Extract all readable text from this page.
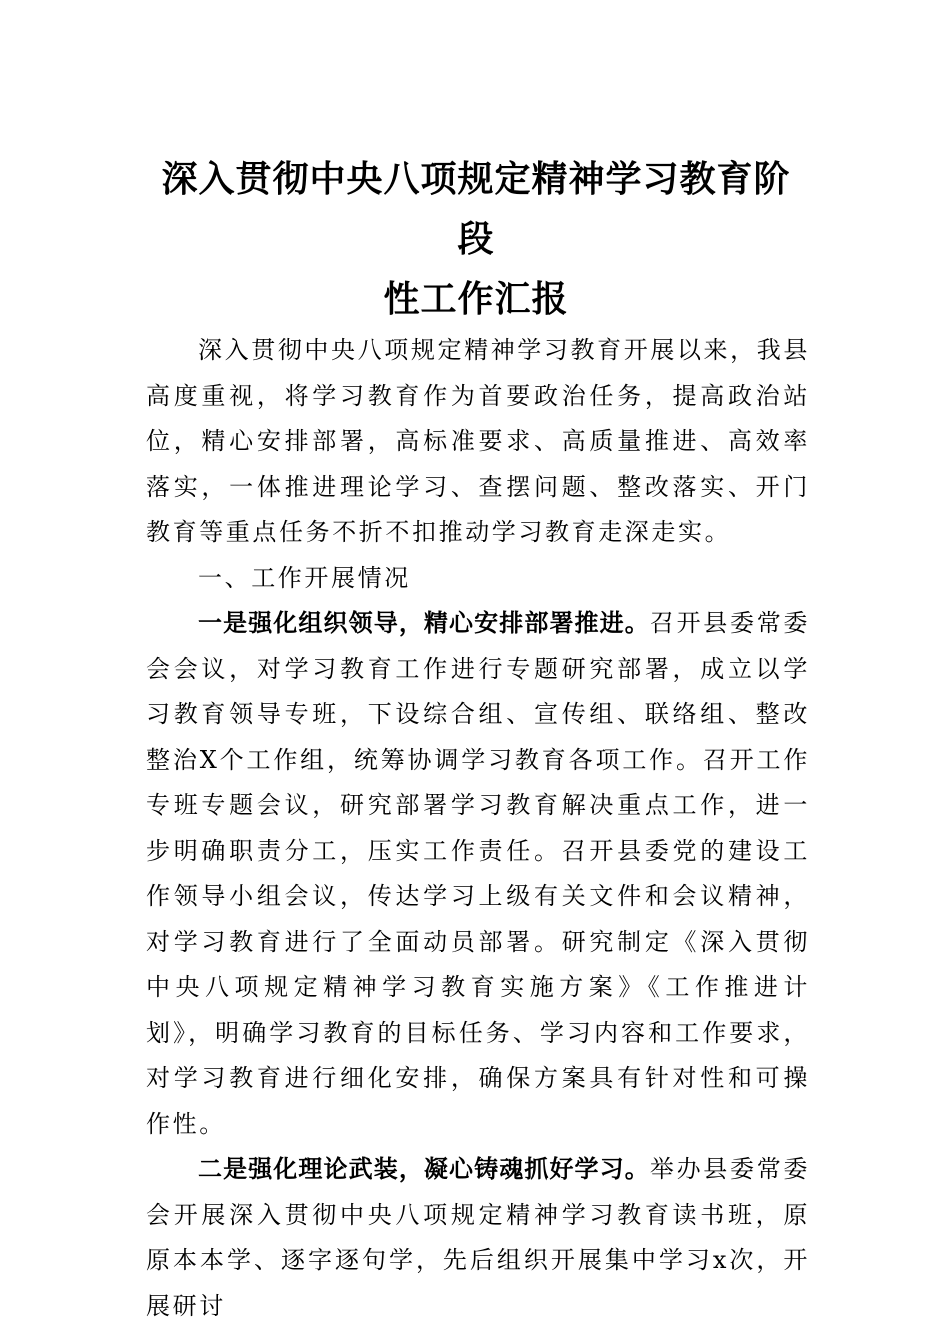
深入贯彻中央八项规定精神学习教育阶段
性工作汇报

深入贯彻中央八项规定精神学习教育开展以来，我县高度重视，将学习教育作为首要政治任务，提高政治站位，精心安排部署，高标准要求、高质量推进、高效率落实，一体推进理论学习、查摆问题、整改落实、开门教育等重点任务不折不扣推动学习教育走深走实。

一、工作开展情况

一是强化组织领导，精心安排部署推进。召开县委常委会会议，对学习教育工作进行专题研究部署，成立以学习教育领导专班，下设综合组、宣传组、联络组、整改整治X个工作组，统筹协调学习教育各项工作。召开工作专班专题会议，研究部署学习教育解决重点工作，进一步明确职责分工，压实工作责任。召开县委党的建设工作领导小组会议，传达学习上级有关文件和会议精神，对学习教育进行了全面动员部署。研究制定《深入贯彻中央八项规定精神学习教育实施方案》《工作推进计划》，明确学习教育的目标任务、学习内容和工作要求，对学习教育进行细化安排，确保方案具有针对性和可操作性。

二是强化理论武装，凝心铸魂抓好学习。举办县委常委会开展深入贯彻中央八项规定精神学习教育读书班，原原本本学、逐字逐句学，先后组织开展集中学习x次，开展研讨
